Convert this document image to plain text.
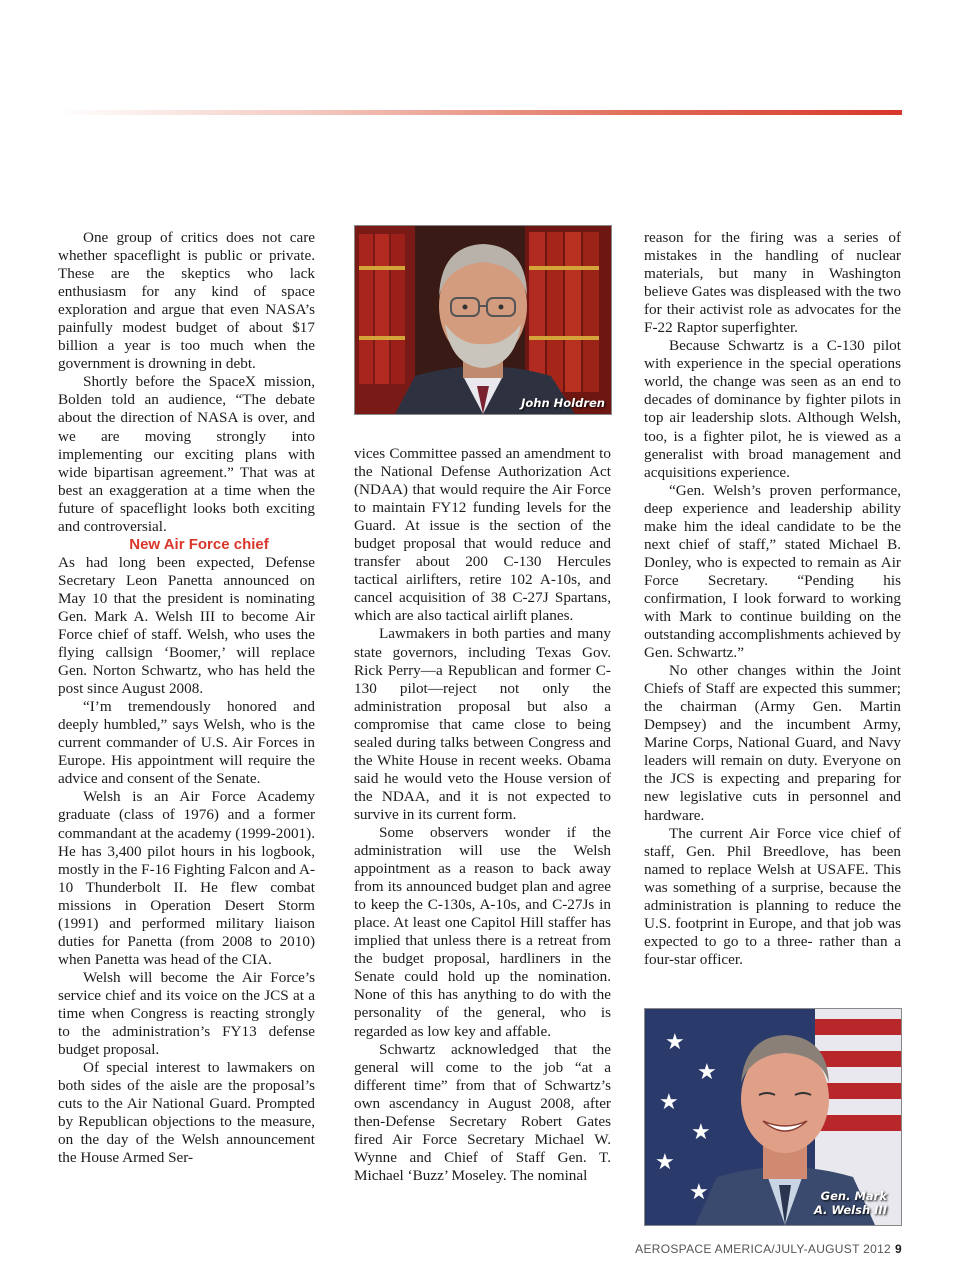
One group of critics does not care whether spaceflight is public or private. These are the skeptics who lack enthusiasm for any kind of space exploration and argue that even NASA’s painfully modest budget of about $17 billion a year is too much when the government is drowning in debt.

Shortly before the SpaceX mission, Bolden told an audience, “The debate about the direction of NASA is over, and we are moving strongly into implementing our exciting plans with wide bipartisan agreement.” That was at best an exaggeration at a time when the future of spaceflight looks both exciting and controversial.

New Air Force chief

As had long been expected, Defense Secretary Leon Panetta announced on May 10 that the president is nominating Gen. Mark A. Welsh III to become Air Force chief of staff. Welsh, who uses the flying callsign ‘Boomer,’ will replace Gen. Norton Schwartz, who has held the post since August 2008.

“I’m tremendously honored and deeply humbled,” says Welsh, who is the current commander of U.S. Air Forces in Europe. His appointment will require the advice and consent of the Senate.

Welsh is an Air Force Academy graduate (class of 1976) and a former commandant at the academy (1999-2001). He has 3,400 pilot hours in his logbook, mostly in the F-16 Fighting Falcon and A-10 Thunderbolt II. He flew combat missions in Operation Desert Storm (1991) and performed military liaison duties for Panetta (from 2008 to 2010) when Panetta was head of the CIA.

Welsh will become the Air Force’s service chief and its voice on the JCS at a time when Congress is reacting strongly to the administration’s FY13 defense budget proposal.

Of special interest to lawmakers on both sides of the aisle are the proposal’s cuts to the Air National Guard. Prompted by Republican objections to the measure, on the day of the Welsh announcement the House Armed Ser-

John Holdren

vices Committee passed an amendment to the National Defense Authorization Act (NDAA) that would require the Air Force to maintain FY12 funding levels for the Guard. At issue is the section of the budget proposal that would reduce and transfer about 200 C-130 Hercules tactical airlifters, retire 102 A-10s, and cancel acquisition of 38 C-27J Spartans, which are also tactical airlift planes.

Lawmakers in both parties and many state governors, including Texas Gov. Rick Perry—a Republican and former C-130 pilot—reject not only the administration proposal but also a compromise that came close to being sealed during talks between Congress and the White House in recent weeks. Obama said he would veto the House version of the NDAA, and it is not expected to survive in its current form.

Some observers wonder if the administration will use the Welsh appointment as a reason to back away from its announced budget plan and agree to keep the C-130s, A-10s, and C-27Js in place. At least one Capitol Hill staffer has implied that unless there is a retreat from the budget proposal, hardliners in the Senate could hold up the nomination. None of this has anything to do with the personality of the general, who is regarded as low key and affable.

Schwartz acknowledged that the general will come to the job “at a different time” from that of Schwartz’s own ascendancy in August 2008, after then-Defense Secretary Robert Gates fired Air Force Secretary Michael W. Wynne and Chief of Staff Gen. T. Michael ‘Buzz’ Moseley. The nominal

reason for the firing was a series of mistakes in the handling of nuclear materials, but many in Washington believe Gates was displeased with the two for their activist role as advocates for the F-22 Raptor superfighter.

Because Schwartz is a C-130 pilot with experience in the special operations world, the change was seen as an end to decades of dominance by fighter pilots in top air leadership slots. Although Welsh, too, is a fighter pilot, he is viewed as a generalist with broad management and acquisitions experience.

“Gen. Welsh’s proven performance, deep experience and leadership ability make him the ideal candidate to be the next chief of staff,” stated Michael B. Donley, who is expected to remain as Air Force Secretary. “Pending his confirmation, I look forward to working with Mark to continue building on the outstanding accomplishments achieved by Gen. Schwartz.”

No other changes within the Joint Chiefs of Staff are expected this summer; the chairman (Army Gen. Martin Dempsey) and the incumbent Army, Marine Corps, National Guard, and Navy leaders will remain on duty. Everyone on the JCS is expecting and preparing for new legislative cuts in personnel and hardware.

The current Air Force vice chief of staff, Gen. Phil Breedlove, has been named to replace Welsh at USAFE. This was something of a surprise, because the administration is planning to reduce the U.S. footprint in Europe, and that job was expected to go to a three- rather than a four-star officer.

★
★
★
★
★
★	Gen. Mark
A. Welsh III
AEROSPACE AMERICA/JULY-AUGUST 2012 9
